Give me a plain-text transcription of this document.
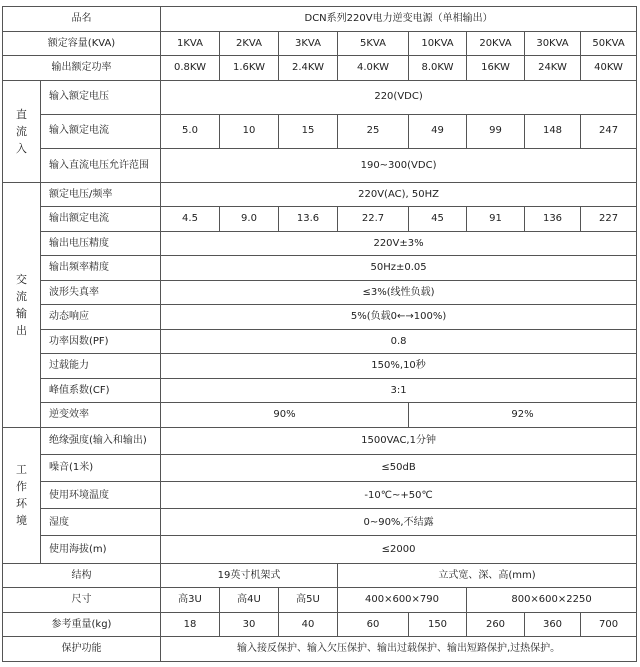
品名		DCN系列220V电力逆变电源（单相输出）							
额定容量(KVA)		1KVA	2KVA	3KVA	5KVA	10KVA	20KVA	30KVA	50KVA
输出额定功率		0.8KW	1.6KW	2.4KW	4.0KW	8.0KW	16KW	24KW	40KW

直
流
入	输入额定电压	220(VDC)							
	输入额定电流	5.0	10	15	25	49	99	148	247
	输入直流电压允许范围	190~300(VDC)							

交
流
输
出	额定电压/频率	220V(AC), 50HZ							
	输出额定电流	4.5	9.0	13.6	22.7	45	91	136	227
	输出电压精度	220V±3%							
	输出频率精度	50Hz±0.05							
	波形失真率	≤3%(线性负载)							
	动态响应	5%(负载0←→100%)							
	功率因数(PF)	0.8							
	过载能力	150%,10秒							
	峰值系数(CF)	3:1							
	逆变效率	90%				92%			

工
作
环
境	绝缘强度(输入和输出)	1500VAC,1分钟							
	噪音(1米)	≤50dB							
	使用环境温度	-10℃~+50℃							
	湿度	0~90%,不结露							
	使用海拔(m)	≤2000							
结构		19英寸机架式			立式宽、深、高(mm)				
尺寸		高3U	高4U	高5U	400×600×790		800×600×2250		
参考重量(kg)		18	30	40	60	150	260	360	700
保护功能		输入接反保护、输入欠压保护、输出过载保护、输出短路保护,过热保护。							
